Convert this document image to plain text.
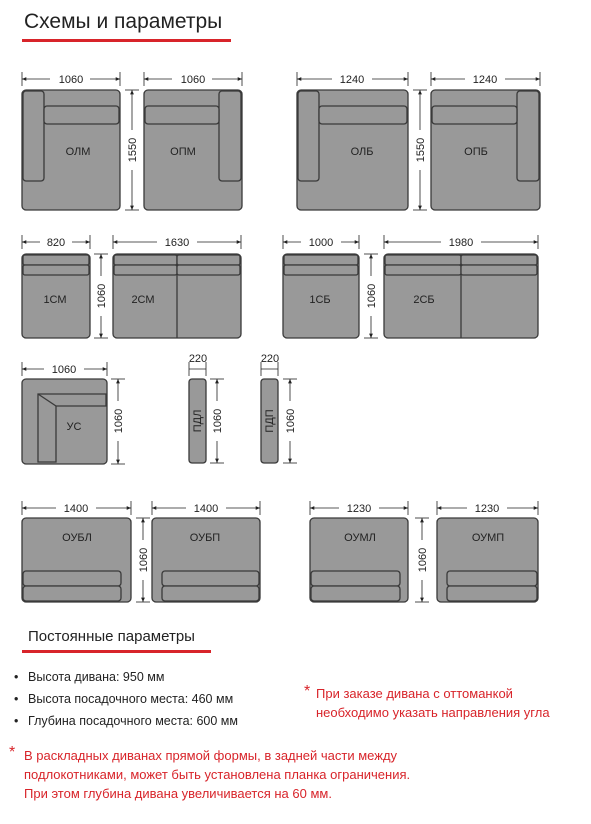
Схемы и параметры
ОЛМ	ОПМ	ОЛБ	ОПБ
1СМ	2СМ	1СБ	2СБ
УС	ПДЛ	ПДП
ОУБЛ	ОУБП	ОУМЛ	ОУМП
1060	1060	1240	1240
820	1630	1000	1980
1060
220	220
1400	1400	1230	1230
1550	1550
1060	1060
1060	1060	1060
1060	1060
Постоянные параметры
• Высота дивана: 950 мм
• Высота посадочного места: 460 мм
• Глубина посадочного места: 600 мм
* При заказе дивана с оттоманкой
необходимо указать направления угла
* В раскладных диванах прямой формы, в задней части между
подлокотниками, может быть установлена планка ограничения.
При этом глубина дивана увеличивается на 60 мм.
